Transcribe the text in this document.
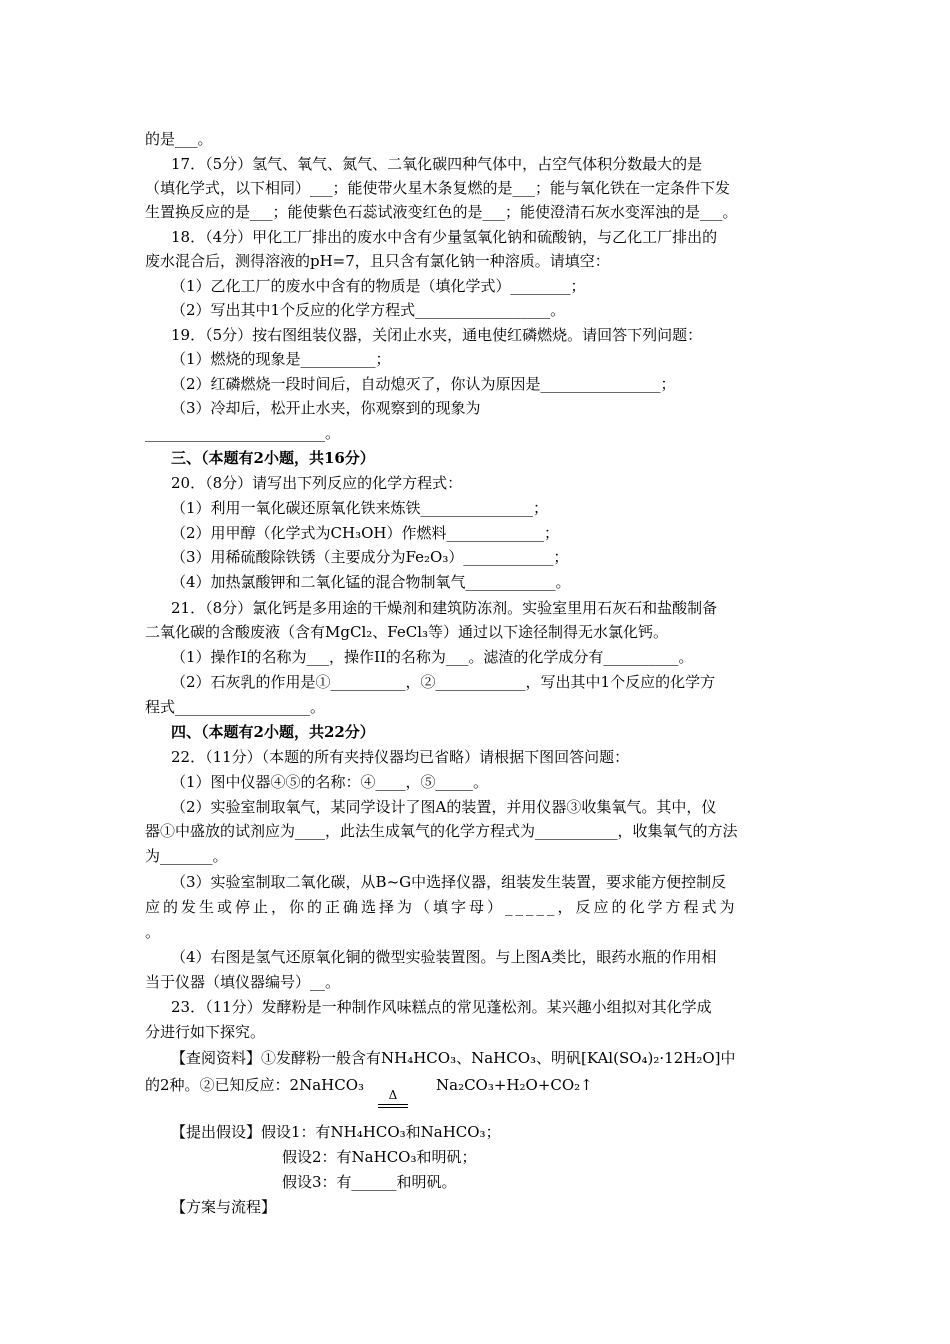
的是___。
17．（5分）氢气、氧气、氮气、二氧化碳四种气体中，占空气体积分数最大的是
（填化学式，以下相同）___；能使带火星木条复燃的是___；能与氧化铁在一定条件下发
生置换反应的是___；能使紫色石蕊试液变红色的是___；能使澄清石灰水变浑浊的是___。
18．（4分）甲化工厂排出的废水中含有少量氢氧化钠和硫酸钠，与乙化工厂排出的
废水混合后，测得溶液的pH=7，且只含有氯化钠一种溶质。请填空：
（1）乙化工厂的废水中含有的物质是（填化学式）________；
（2）写出其中1个反应的化学方程式__________________。
19．（5分）按右图组装仪器，关闭止水夹，通电使红磷燃烧。请回答下列问题：
（1）燃烧的现象是__________；
（2）红磷燃烧一段时间后，自动熄灭了，你认为原因是________________；
（3）冷却后，松开止水夹，你观察到的现象为
________________________。
三、（本题有2小题，共16分）
20．（8分）请写出下列反应的化学方程式：
（1）利用一氧化碳还原氧化铁来炼铁_______________；
（2）用甲醇（化学式为CH₃OH）作燃料_____________；
（3）用稀硫酸除铁锈（主要成分为Fe₂O₃）____________；
（4）加热氯酸钾和二氧化锰的混合物制氧气____________。
21．（8分）氯化钙是多用途的干燥剂和建筑防冻剂。实验室里用石灰石和盐酸制备
二氧化碳的含酸废液（含有MgCl₂、FeCl₃等）通过以下途径制得无水氯化钙。
（1）操作I的名称为___，操作II的名称为___。滤渣的化学成分有__________。
（2）石灰乳的作用是①__________，②____________，写出其中1个反应的化学方
程式__________________。
四、（本题有2小题，共22分）
22．（11分）（本题的所有夹持仪器均已省略）请根据下图回答问题：
（1）图中仪器④⑤的名称：④____，⑤_____。
（2）实验室制取氧气，某同学设计了图A的装置，并用仪器③收集氧气。其中，仪
器①中盛放的试剂应为____，此法生成氧气的化学方程式为___________，收集氧气的方法
为_______。
（3）实验室制取二氧化碳，从B~G中选择仪器，组装发生装置，要求能方便控制反
应的发生或停止，你的正确选择为（填字母）_____，反应的化学方程式为
。
（4）右图是氢气还原氧化铜的微型实验装置图。与上图A类比，眼药水瓶的作用相
当于仪器（填仪器编号）__。
23．（11分）发酵粉是一种制作风味糕点的常见蓬松剂。某兴趣小组拟对其化学成
分进行如下探究。
【查阅资料】①发酵粉一般含有NH₄HCO₃、NaHCO₃、明矾[KAl(SO₄)₂·12H₂O]中
的2种。②已知反应：2NaHCO₃
Δ
Na₂CO₃+H₂O+CO₂↑
【提出假设】假设1：有NH₄HCO₃和NaHCO₃；
假设2：有NaHCO₃和明矾；
假设3：有______和明矾。
【方案与流程】
